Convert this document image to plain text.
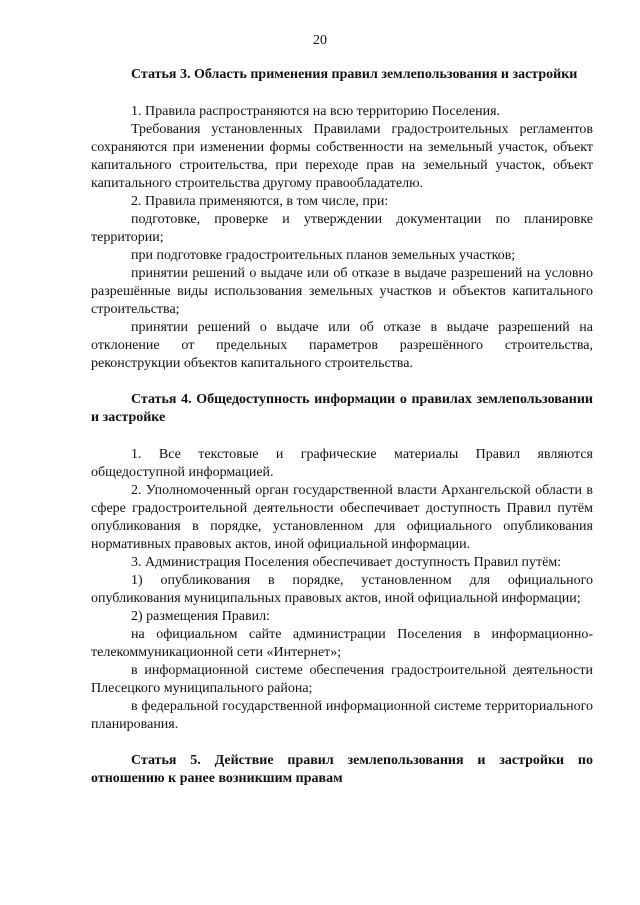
20

Статья 3. Область применения правил землепользования и застройки

1. Правила распространяются на всю территорию Поселения.

Требования установленных Правилами градостроительных регламентов сохраняются при изменении формы собственности на земельный участок, объект капитального строительства, при переходе прав на земельный участок, объект капитального строительства другому правообладателю.

2. Правила применяются, в том числе, при:

подготовке, проверке и утверждении документации по планировке территории;

при подготовке градостроительных планов земельных участков;

принятии решений о выдаче или об отказе в выдаче разрешений на условно разрешённые виды использования земельных участков и объектов капитального строительства;

принятии решений о выдаче или об отказе в выдаче разрешений на отклонение от предельных параметров разрешённого строительства, реконструкции объектов капитального строительства.

Статья 4. Общедоступность информации о правилах землепользовании и застройке

1. Все текстовые и графические материалы Правил являются общедоступной информацией.

2. Уполномоченный орган государственной власти Архангельской области в сфере градостроительной деятельности обеспечивает доступность Правил путём опубликования в порядке, установленном для официального опубликования нормативных правовых актов, иной официальной информации.

3. Администрация Поселения обеспечивает доступность Правил путём:

1) опубликования в порядке, установленном для официального опубликования муниципальных правовых актов, иной официальной информации;

2) размещения Правил:

на официальном сайте администрации Поселения в информационно-телекоммуникационной сети «Интернет»;

в информационной системе обеспечения градостроительной деятельности Плесецкого муниципального района;

в федеральной государственной информационной системе территориального планирования.

Статья 5. Действие правил землепользования и застройки по отношению к ранее возникшим правам
